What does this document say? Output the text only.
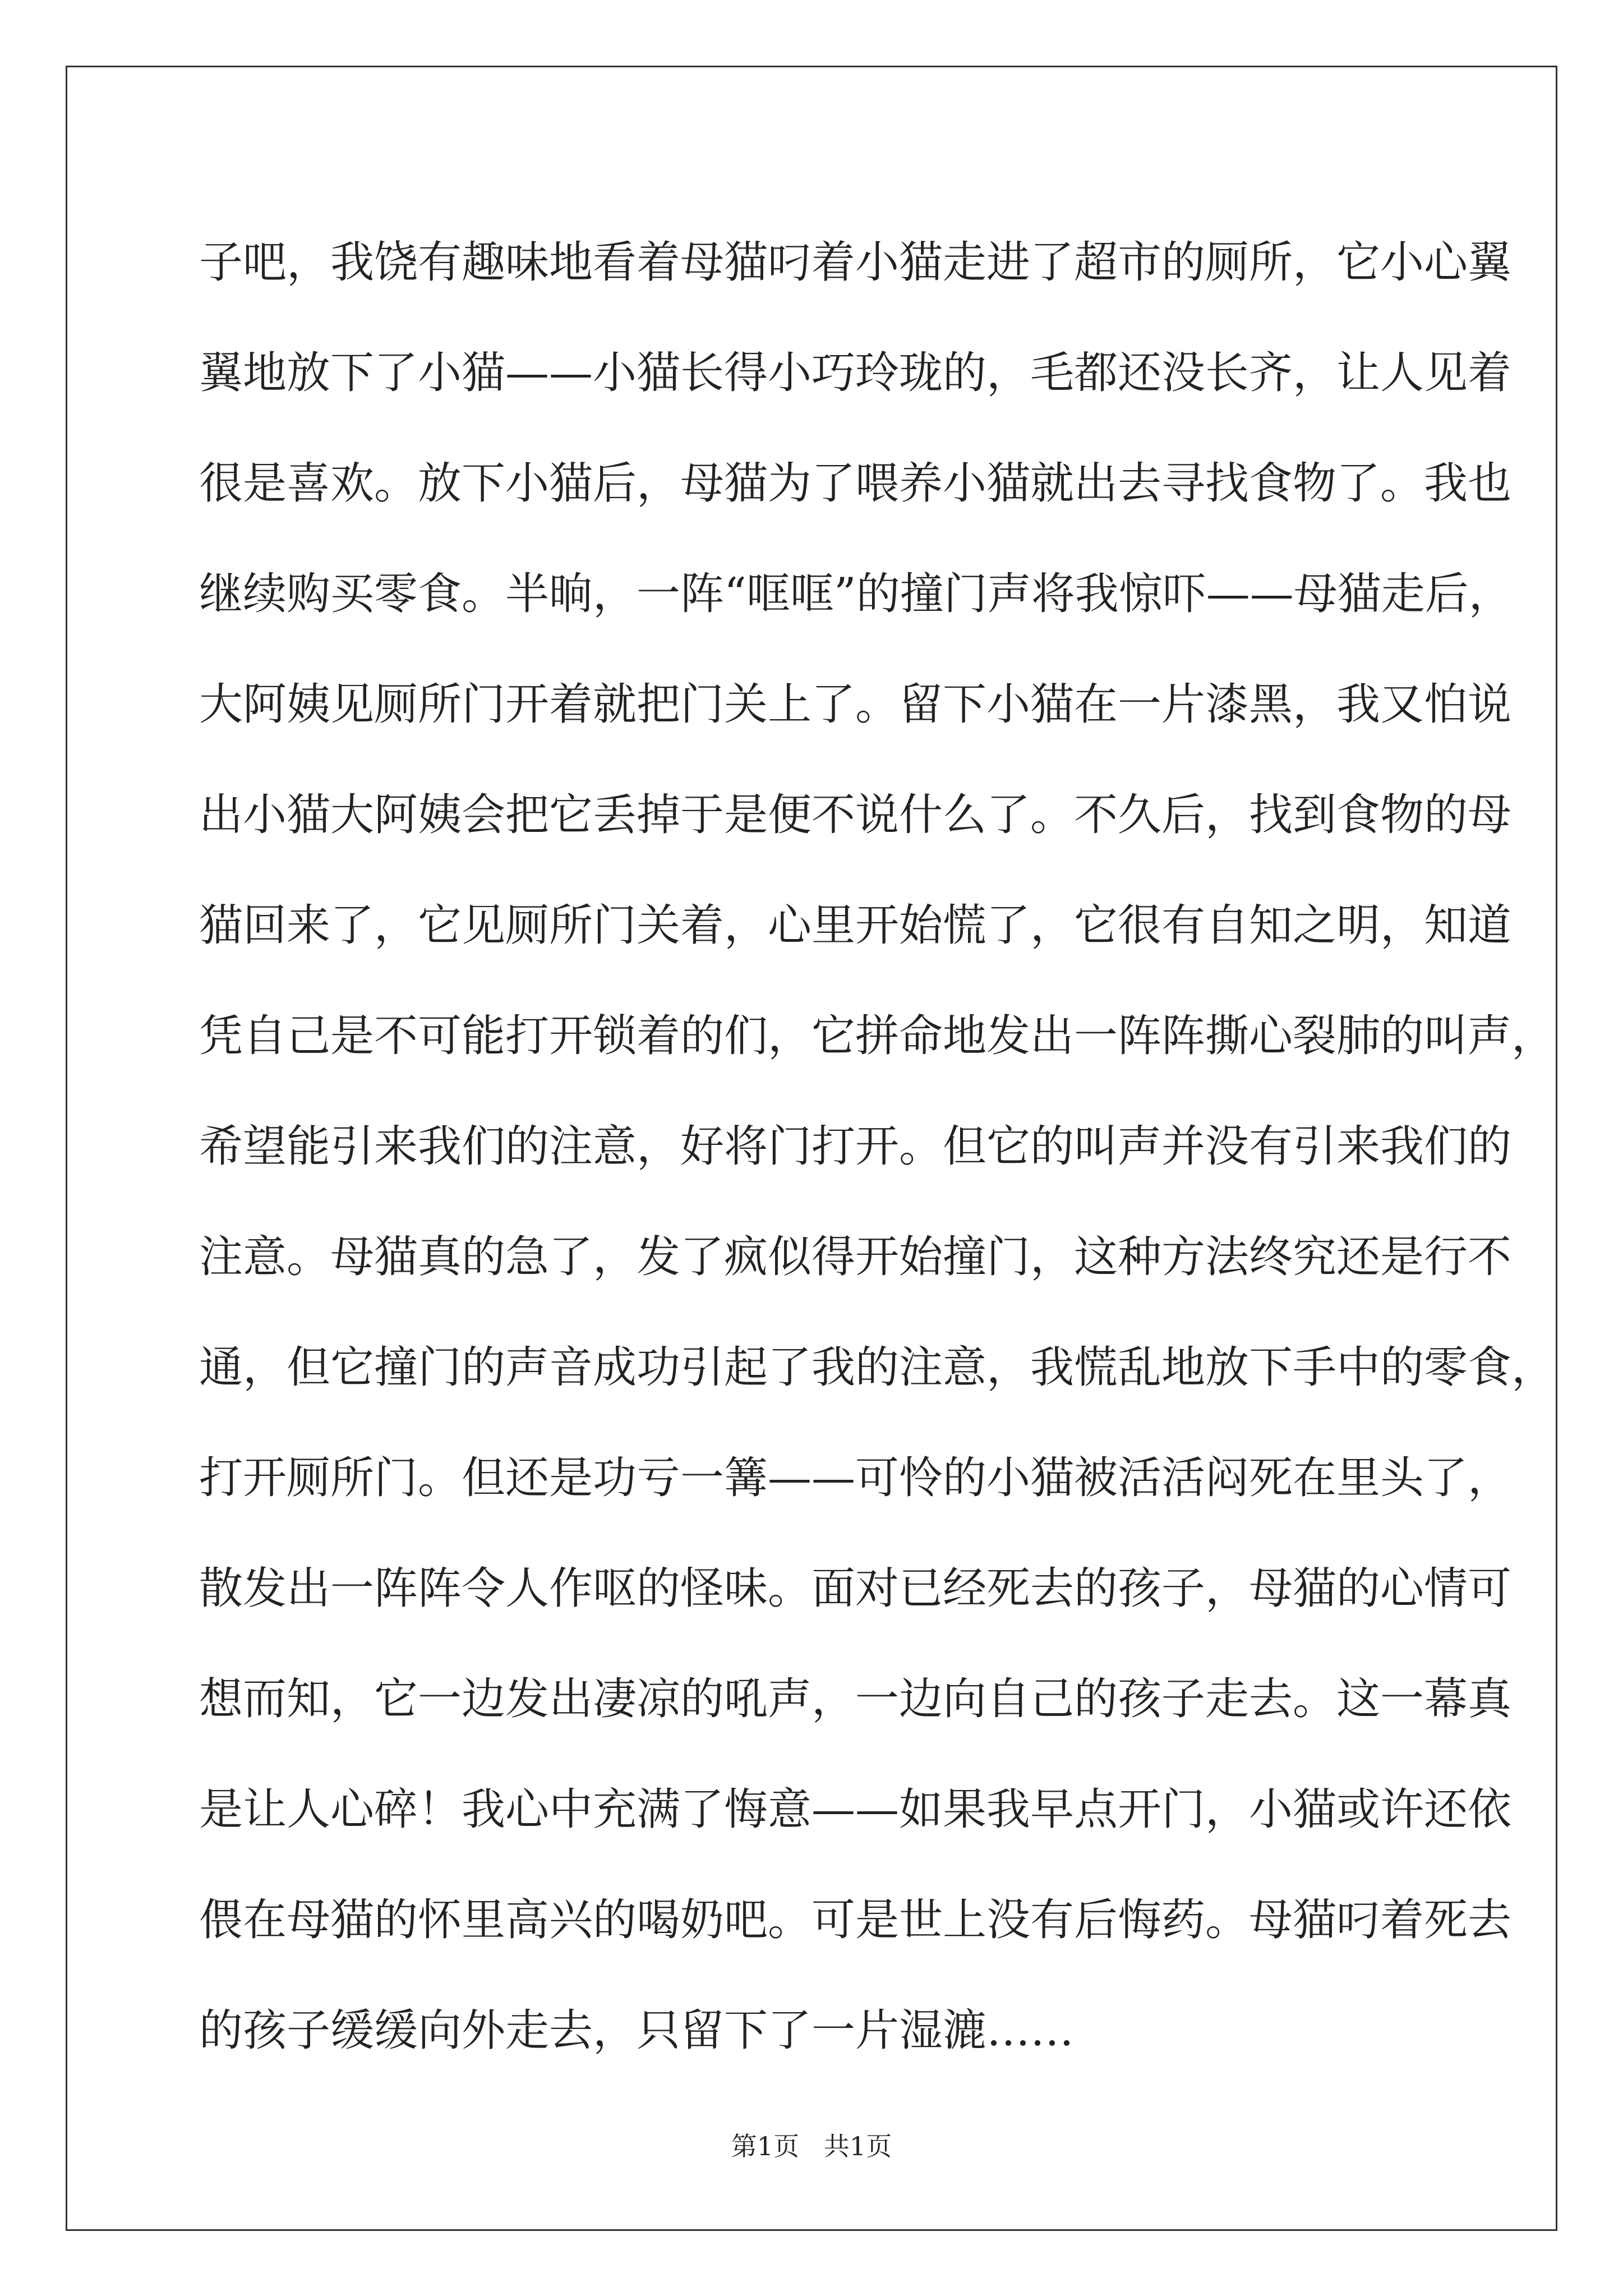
子吧，我饶有趣味地看着母猫叼着小猫走进了超市的厕所，它小心翼
翼地放下了小猫——小猫长得小巧玲珑的，毛都还没长齐，让人见着
很是喜欢。放下小猫后，母猫为了喂养小猫就出去寻找食物了。我也
继续购买零食。半晌，一阵“哐哐”的撞门声将我惊吓——母猫走后，
大阿姨见厕所门开着就把门关上了。留下小猫在一片漆黑，我又怕说
出小猫大阿姨会把它丢掉于是便不说什么了。不久后，找到食物的母
猫回来了，它见厕所门关着，心里开始慌了，它很有自知之明，知道
凭自己是不可能打开锁着的们，它拼命地发出一阵阵撕心裂肺的叫声，
希望能引来我们的注意，好将门打开。但它的叫声并没有引来我们的
注意。母猫真的急了，发了疯似得开始撞门，这种方法终究还是行不
通，但它撞门的声音成功引起了我的注意，我慌乱地放下手中的零食，
打开厕所门。但还是功亏一篝——可怜的小猫被活活闷死在里头了，
散发出一阵阵令人作呕的怪味。面对已经死去的孩子，母猫的心情可
想而知，它一边发出凄凉的吼声，一边向自己的孩子走去。这一幕真
是让人心碎！我心中充满了悔意——如果我早点开门，小猫或许还依
偎在母猫的怀里高兴的喝奶吧。可是世上没有后悔药。母猫叼着死去
的孩子缓缓向外走去，只留下了一片湿漉……
第1页   共1页
